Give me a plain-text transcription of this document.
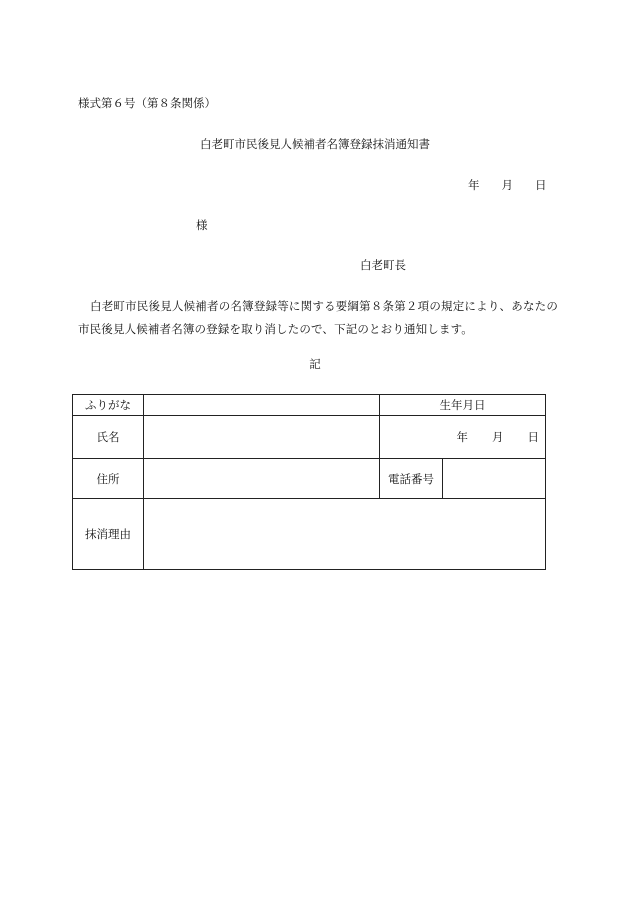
様式第６号（第８条関係）
白老町市民後見人候補者名簿登録抹消通知書
年 月 日
様
白老町長
白老町市民後見人候補者の名簿登録等に関する要綱第８条第２項の規定により、あなたの市民後見人候補者名簿の登録を取り消したので、下記のとおり通知します。
記
ふりがな		生年月日	
氏名		年 月 日	
住所		電話番号	
抹消理由			
